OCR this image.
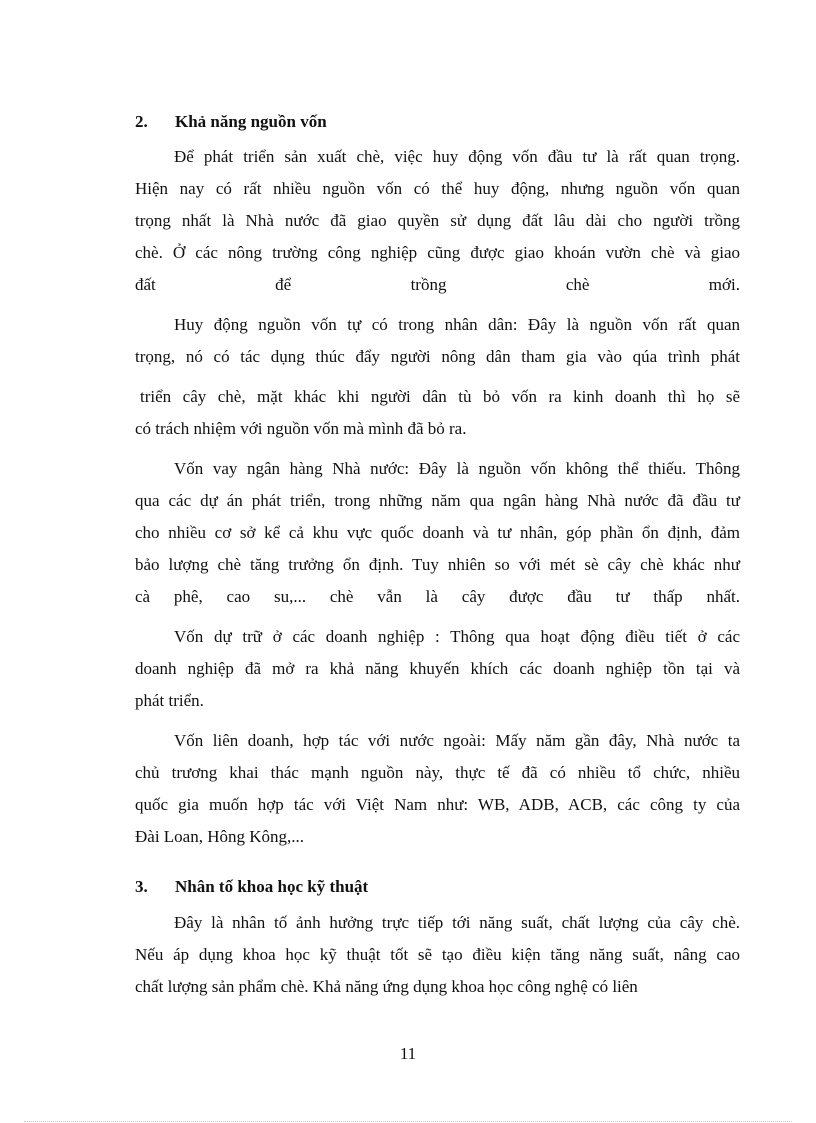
2. Khả năng nguồn vốn
Để phát triển sản xuất chè, việc huy động vốn đầu tư là rất quan trọng.
Hiện nay có rất nhiều nguồn vốn có thể huy động, nhưng nguồn vốn quan
trọng nhất là Nhà nước đã giao quyền sử dụng đất lâu dài cho người trồng
chè. Ở các nông trường công nghiệp cũng được giao khoán vườn chè và giao
đất để trồng chè mới.
Huy động nguồn vốn tự có trong nhân dân: Đây là nguồn vốn rất quan
trọng, nó có tác dụng thúc đẩy người nông dân tham gia vào qúa trình phát
triển cây chè, mặt khác khi người dân tù bỏ vốn ra kinh doanh thì họ sẽ
có trách nhiệm với nguồn vốn mà mình đã bỏ ra.
Vốn vay ngân hàng Nhà nước: Đây là nguồn vốn không thể thiếu. Thông
qua các dự án phát triển, trong những năm qua ngân hàng Nhà nước đã đầu tư
cho nhiều cơ sở kể cả khu vực quốc doanh và tư nhân, góp phần ổn định, đảm
bảo lượng chè tăng trưởng ổn định. Tuy nhiên so với mét sè cây chè khác như
cà phê, cao su,... chè vẫn là cây được đầu tư thấp nhất.
Vốn dự trữ ở các doanh nghiệp : Thông qua hoạt động điều tiết ở các
doanh nghiệp đã mở ra khả năng khuyến khích các doanh nghiệp tồn tại và
phát triển.
Vốn liên doanh, hợp tác với nước ngoài: Mấy năm gần đây, Nhà nước ta
chủ trương khai thác mạnh nguồn này, thực tế đã có nhiều tổ chức, nhiều
quốc gia muốn hợp tác với Việt Nam như: WB, ADB, ACB, các công ty của
Đài Loan, Hông Kông,...
3. Nhân tố khoa học kỹ thuật
Đây là nhân tố ảnh hưởng trực tiếp tới năng suất, chất lượng của cây chè.
Nếu áp dụng khoa học kỹ thuật tốt sẽ tạo điều kiện tăng năng suất, nâng cao
chất lượng sản phẩm chè. Khả năng ứng dụng khoa học công nghệ có liên
11
